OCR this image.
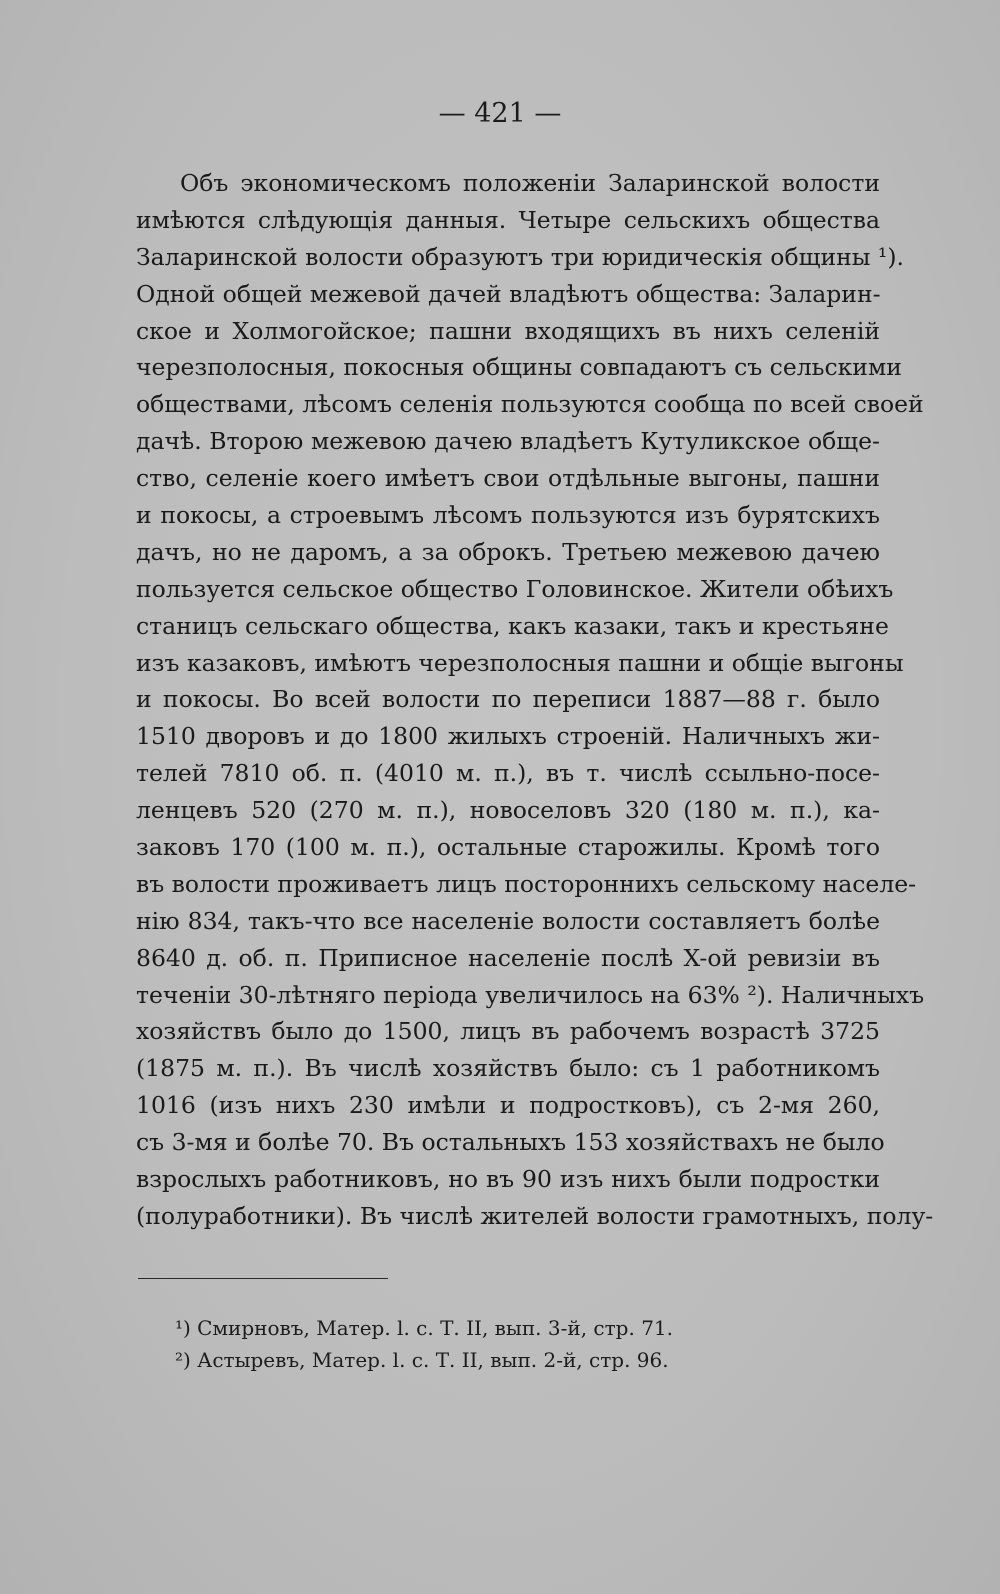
— 421 —
Объ экономическомъ положеніи Заларинской волости
имѣются слѣдующія данныя. Четыре сельскихъ общества
Заларинской волости образуютъ три юридическія общины ¹).
Одной общей межевой дачей владѣютъ общества: Заларин-
ское и Холмогойское; пашни входящихъ въ нихъ селеній
черезполосныя, покосныя общины совпадаютъ съ сельскими
обществами, лѣсомъ селенія пользуются сообща по всей своей
дачѣ. Второю межевою дачею владѣетъ Кутуликское обще-
ство, селеніе коего имѣетъ свои отдѣльные выгоны, пашни
и покосы, а строевымъ лѣсомъ пользуются изъ бурятскихъ
дачъ, но не даромъ, а за оброкъ. Третьею межевою дачею
пользуется сельское общество Головинское. Жители обѣихъ
станицъ сельскаго общества, какъ казаки, такъ и крестьяне
изъ казаковъ, имѣютъ черезполосныя пашни и общіе выгоны
и покосы. Во всей волости по переписи 1887—88 г. было
1510 дворовъ и до 1800 жилыхъ строеній. Наличныхъ жи-
телей 7810 об. п. (4010 м. п.), въ т. числѣ ссыльно-посе-
ленцевъ 520 (270 м. п.), новоселовъ 320 (180 м. п.), ка-
заковъ 170 (100 м. п.), остальные старожилы. Кромѣ того
въ волости проживаетъ лицъ постороннихъ сельскому населе-
нію 834, такъ-что все населеніе волости составляетъ болѣе
8640 д. об. п. Приписное населеніе послѣ X-ой ревизіи въ
теченіи 30-лѣтняго періода увеличилось на 63% ²). Наличныхъ
хозяйствъ было до 1500, лицъ въ рабочемъ возрастѣ 3725
(1875 м. п.). Въ числѣ хозяйствъ было: съ 1 работникомъ
1016 (изъ нихъ 230 имѣли и подростковъ), съ 2-мя 260,
съ 3-мя и болѣе 70. Въ остальныхъ 153 хозяйствахъ не было
взрослыхъ работниковъ, но въ 90 изъ нихъ были подростки
(полуработники). Въ числѣ жителей волости грамотныхъ, полу-
¹) Смирновъ, Матер. l. c. Т. II, вып. 3-й, стр. 71.
²) Астыревъ, Матер. l. c. Т. II, вып. 2-й, стр. 96.
